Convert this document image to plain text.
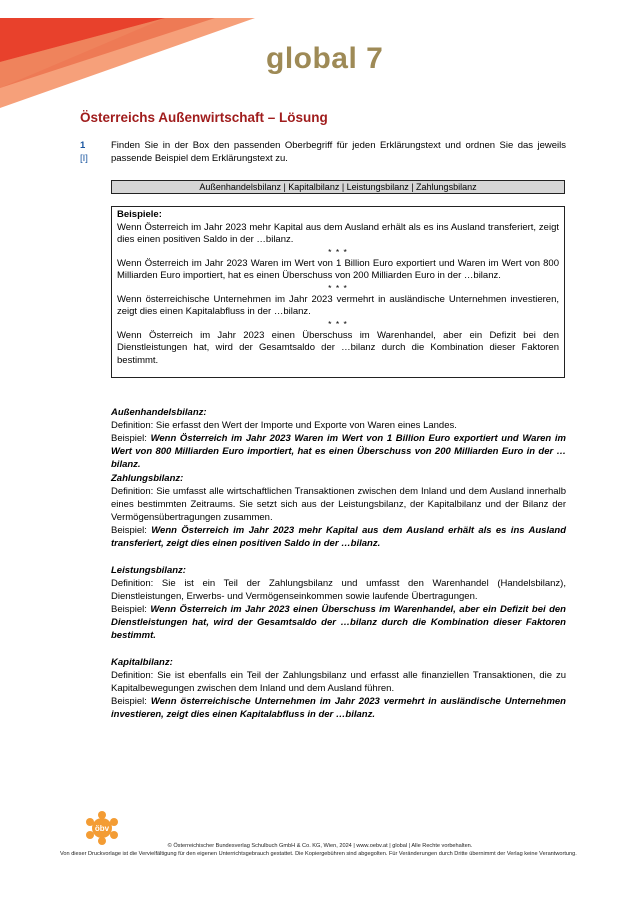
global 7
Österreichs Außenwirtschaft – Lösung
1
[I]
Finden Sie in der Box den passenden Oberbegriff für jeden Erklärungstext und ordnen Sie das jeweils passende Beispiel dem Erklärungstext zu.
Außenhandelsbilanz | Kapitalbilanz | Leistungsbilanz | Zahlungsbilanz
Beispiele:

Wenn Österreich im Jahr 2023 mehr Kapital aus dem Ausland erhält als es ins Ausland transferiert, zeigt dies einen positiven Saldo in der …bilanz.

* * *

Wenn Österreich im Jahr 2023 Waren im Wert von 1 Billion Euro exportiert und Waren im Wert von 800 Milliarden Euro importiert, hat es einen Überschuss von 200 Milliarden Euro in der …bilanz.

* * *

Wenn österreichische Unternehmen im Jahr 2023 vermehrt in ausländische Unternehmen investieren, zeigt dies einen Kapitalabfluss in der …bilanz.

* * *

Wenn Österreich im Jahr 2023 einen Überschuss im Warenhandel, aber ein Defizit bei den Dienstleistungen hat, wird der Gesamtsaldo der …bilanz durch die Kombination dieser Faktoren bestimmt.

Außenhandelsbilanz:
Definition: Sie erfasst den Wert der Importe und Exporte von Waren eines Landes.
Beispiel: Wenn Österreich im Jahr 2023 Waren im Wert von 1 Billion Euro exportiert und Waren im Wert von 800 Milliarden Euro importiert, hat es einen Überschuss von 200 Milliarden Euro in der …bilanz.
Zahlungsbilanz:
Definition: Sie umfasst alle wirtschaftlichen Transaktionen zwischen dem Inland und dem Ausland innerhalb eines bestimmten Zeitraums. Sie setzt sich aus der Leistungsbilanz, der Kapitalbilanz und der Bilanz der Vermögensübertragungen zusammen.
Beispiel: Wenn Österreich im Jahr 2023 mehr Kapital aus dem Ausland erhält als es ins Ausland transferiert, zeigt dies einen positiven Saldo in der …bilanz.
Leistungsbilanz:
Definition: Sie ist ein Teil der Zahlungsbilanz und umfasst den Warenhandel (Handelsbilanz), Dienstleistungen, Erwerbs- und Vermögenseinkommen sowie laufende Übertragungen.
Beispiel: Wenn Österreich im Jahr 2023 einen Überschuss im Warenhandel, aber ein Defizit bei den Dienstleistungen hat, wird der Gesamtsaldo der …bilanz durch die Kombination dieser Faktoren bestimmt.
Kapitalbilanz:
Definition: Sie ist ebenfalls ein Teil der Zahlungsbilanz und erfasst alle finanziellen Transaktionen, die zu Kapitalbewegungen zwischen dem Inland und dem Ausland führen.
Beispiel: Wenn österreichische Unternehmen im Jahr 2023 vermehrt in ausländische Unternehmen investieren, zeigt dies einen Kapitalabfluss in der …bilanz.
öbv
© Österreichischer Bundesverlag Schulbuch GmbH & Co. KG, Wien, 2024 | www.oebv.at | global | Alle Rechte vorbehalten.
Von dieser Druckvorlage ist die Vervielfältigung für den eigenen Unterrichtsgebrauch gestattet. Die Kopiergebühren sind abgegolten. Für Veränderungen durch Dritte übernimmt der Verlag keine Verantwortung.
